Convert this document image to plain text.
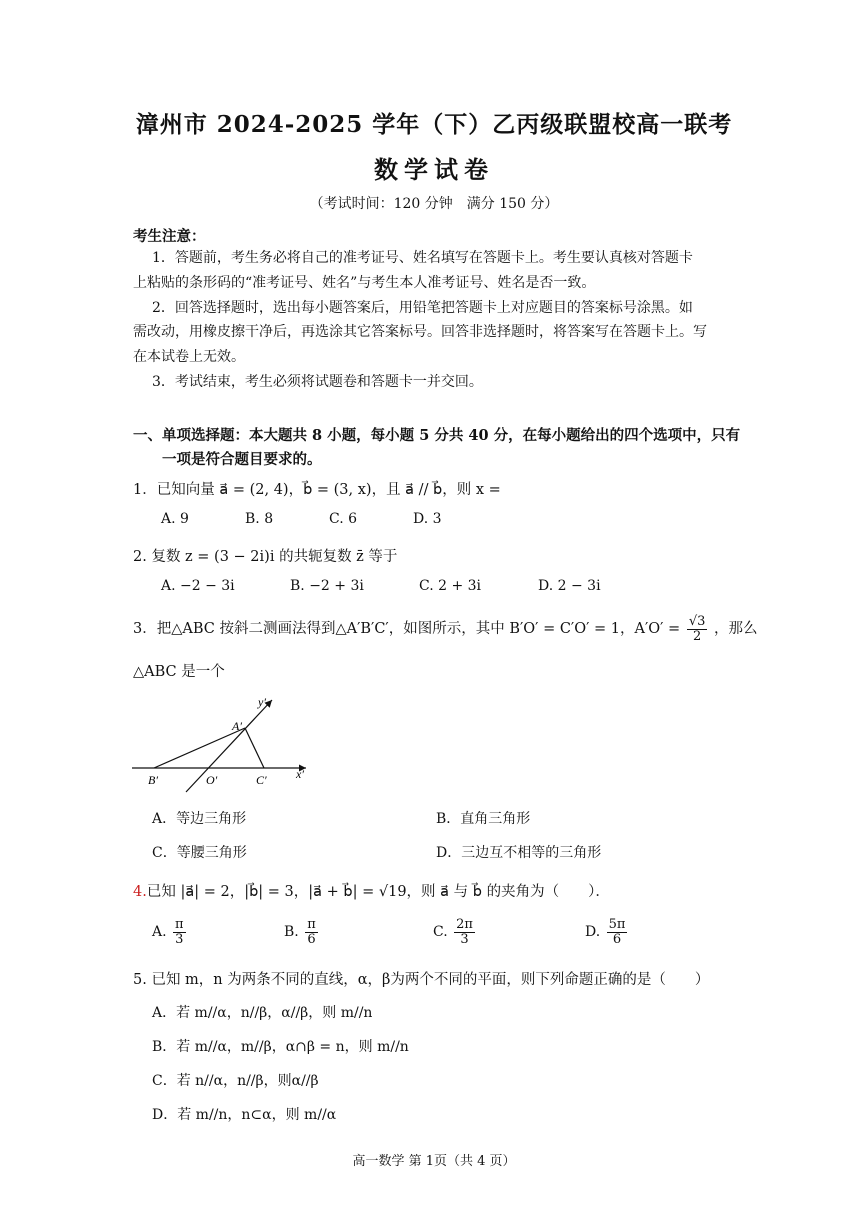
漳州市 2024-2025 学年（下）乙丙级联盟校高一联考
数学试卷
（考试时间：120 分钟　满分 150 分）
考生注意：
1．答题前，考生务必将自己的准考证号、姓名填写在答题卡上。考生要认真核对答题卡
上粘贴的条形码的“准考证号、姓名”与考生本人准考证号、姓名是否一致。
2．回答选择题时，选出每小题答案后，用铅笔把答题卡上对应题目的答案标号涂黑。如
需改动，用橡皮擦干净后，再选涂其它答案标号。回答非选择题时，将答案写在答题卡上。写
在本试卷上无效。
3．考试结束，考生必须将试题卷和答题卡一并交回。
一、单项选择题：本大题共 8 小题，每小题 5 分共 40 分，在每小题给出的四个选项中，只有
一项是符合题目要求的。
1．已知向量 a⃗ = (2, 4)，b⃗ = (3, x)，且 a⃗ // b⃗，则 x =
A. 9	B. 8	C. 6	D. 3
2. 复数 z = (3 − 2i)i 的共轭复数 z̄ 等于
A. −2 − 3i	B. −2 + 3i	C. 2 + 3i	D. 2 − 3i
3．把△ABC 按斜二测画法得到△A′B′C′，如图所示，其中 B′O′ = C′O′ = 1，$A'O' = \frac{√3}{2}$ ，那么
△ABC 是一个
y′
A′
B′	O′	C′ x′
A．等边三角形	B．直角三角形
C．等腰三角形	D．三边互不相等的三角形
4.已知 |a⃗| = 2，|b⃗| = 3，|a⃗ + b⃗| = √19，则 a⃗ 与 b⃗ 的夹角为（　　）．
A. $\frac{\pi}{3}$	B. $\frac{\pi}{6}$	C. $\frac{2\pi}{3}$	D. $\frac{5\pi}{6}$
5. 已知 m，n 为两条不同的直线，α，β为两个不同的平面，则下列命题正确的是（　　）
A．若 m//α，n//β，α//β，则 m//n
B．若 m//α，m//β，α∩β = n，则 m//n
C．若 n//α，n//β，则α//β
D．若 m//n，n⊂α，则 m//α
高一数学 第 1页（共 4 页）
